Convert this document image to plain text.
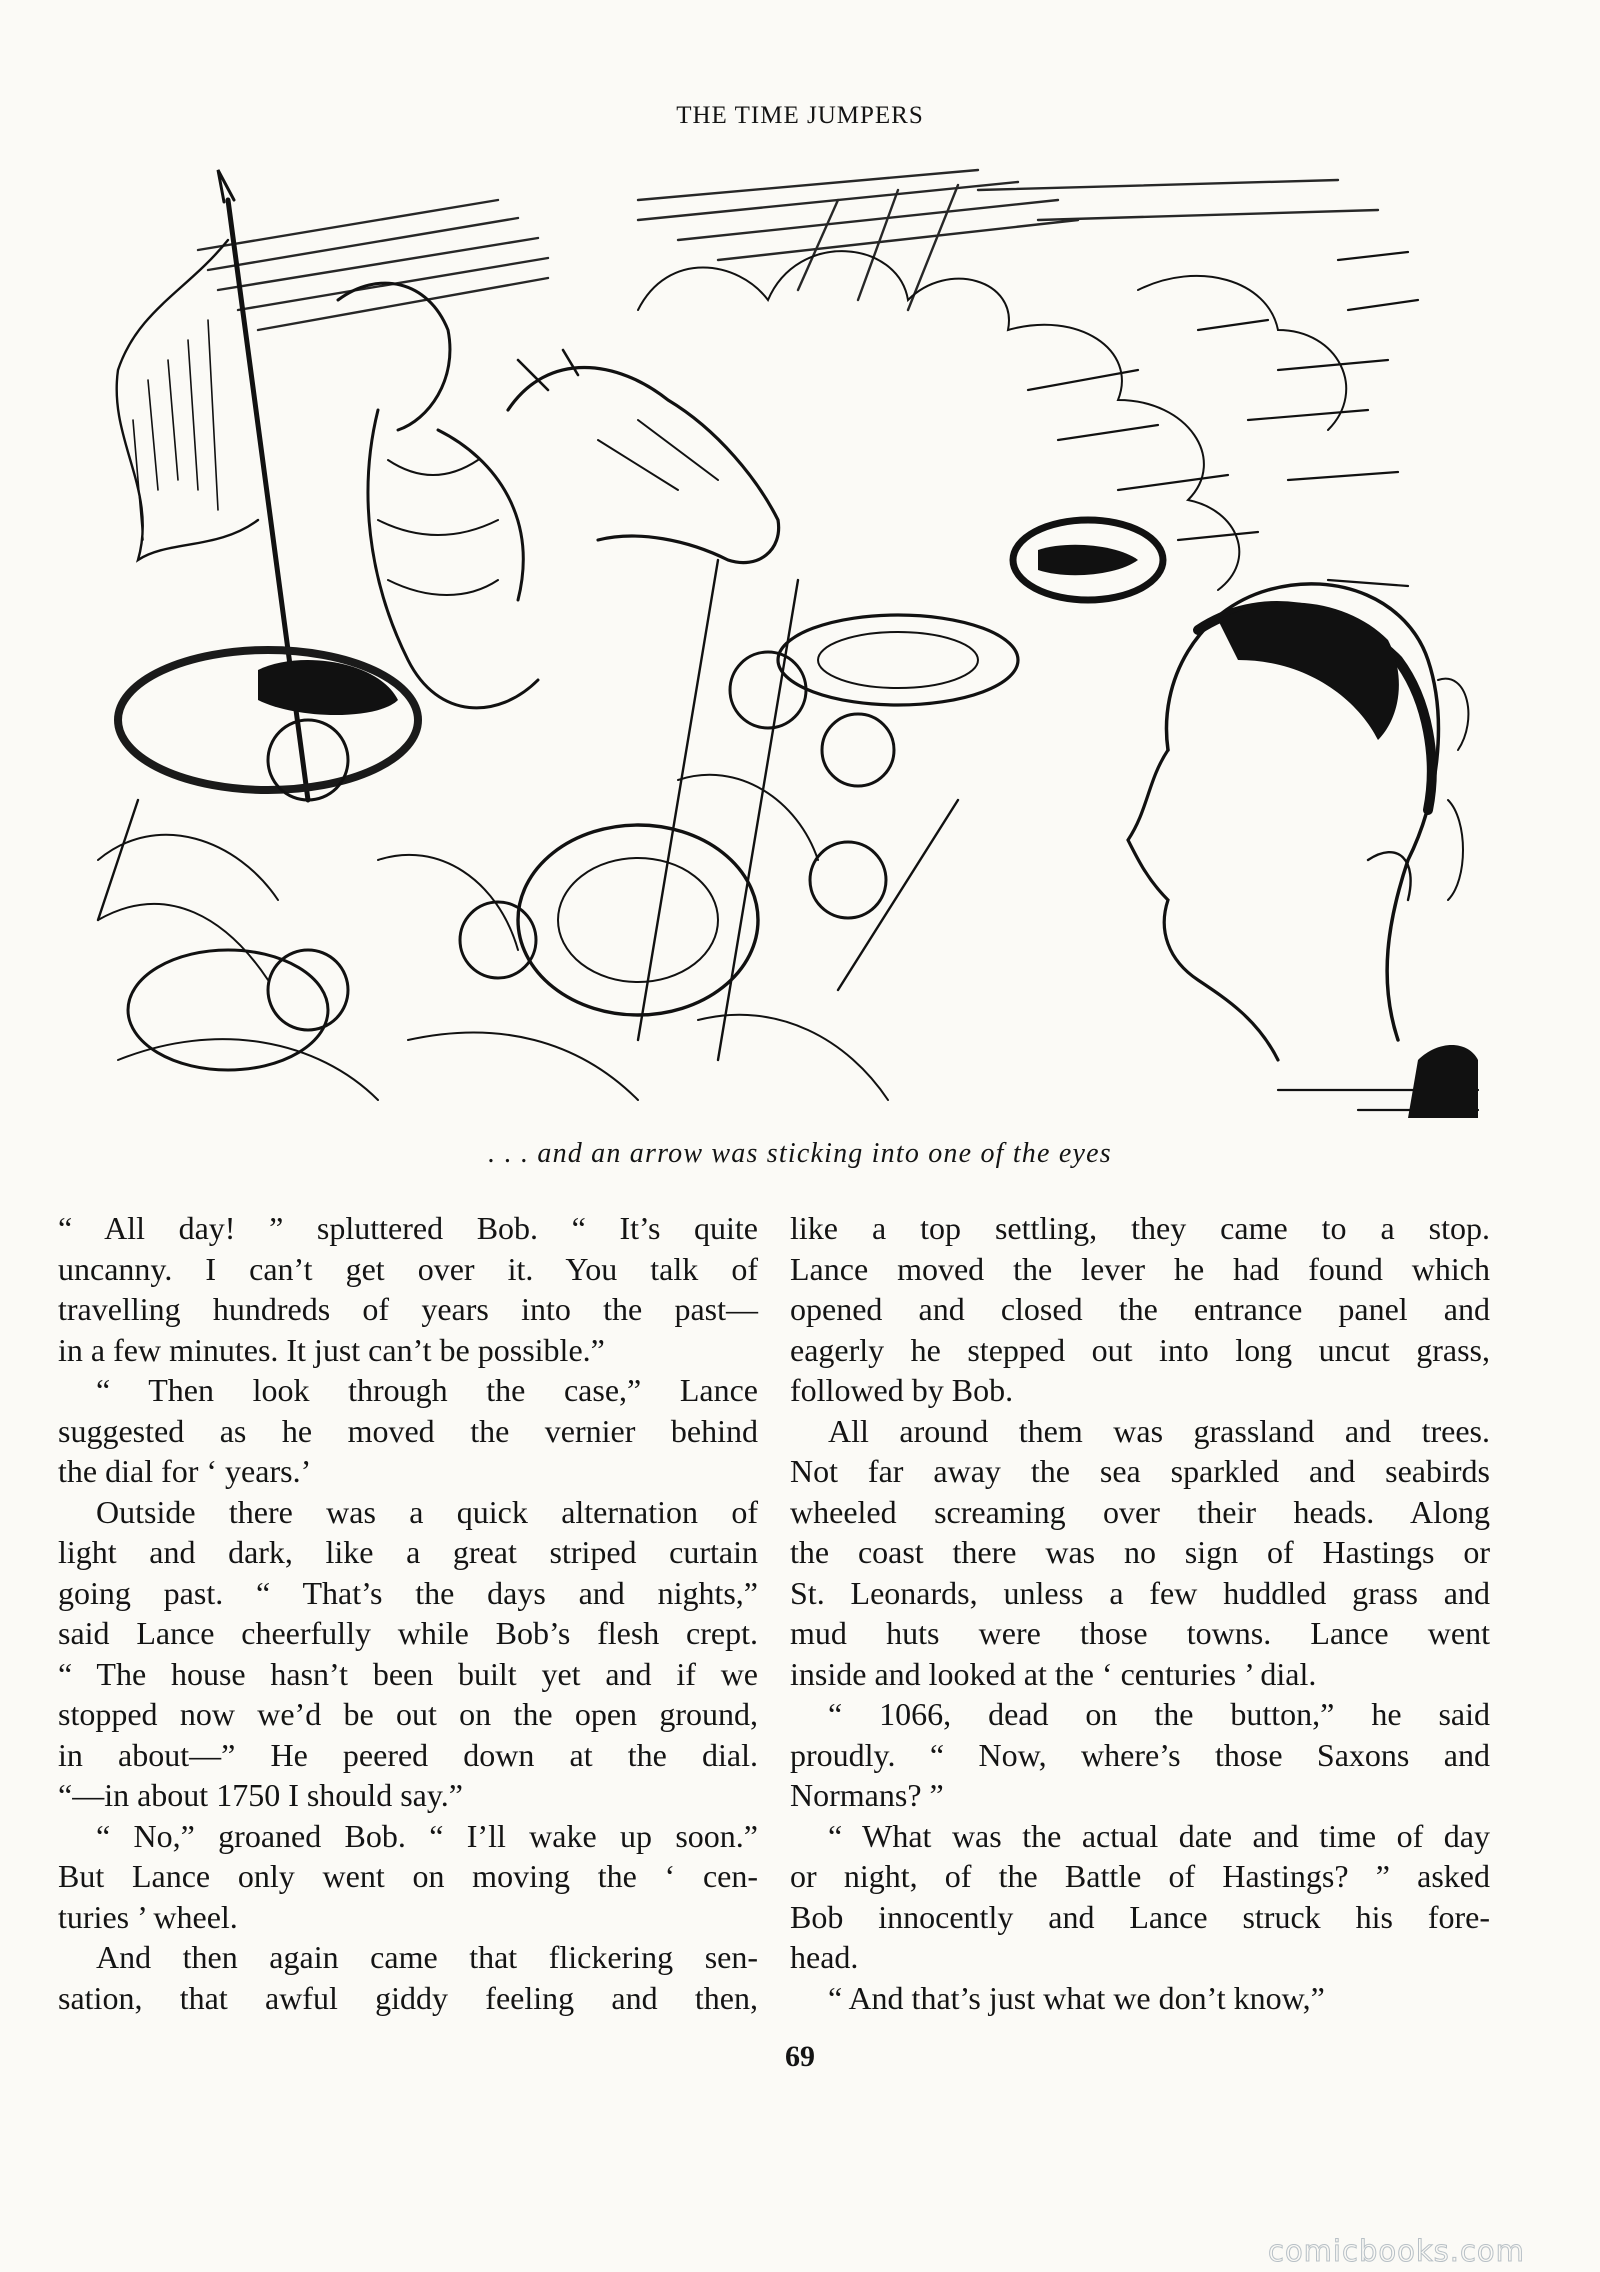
THE TIME JUMPERS
. . . and an arrow was sticking into one of the eyes
“ All day! ” spluttered Bob. “ It’s quite
uncanny. I can’t get over it. You talk of
travelling hundreds of years into the past—
in a few minutes. It just can’t be possible.”
“ Then look through the case,” Lance
suggested as he moved the vernier behind
the dial for ‘ years.’
Outside there was a quick alternation of
light and dark, like a great striped curtain
going past. “ That’s the days and nights,”
said Lance cheerfully while Bob’s flesh crept.
“ The house hasn’t been built yet and if we
stopped now we’d be out on the open ground,
in about—” He peered down at the dial.
“—in about 1750 I should say.”
“ No,” groaned Bob. “ I’ll wake up soon.”
But Lance only went on moving the ‘ cen-
turies ’ wheel.
And then again came that flickering sen-
sation, that awful giddy feeling and then,
like a top settling, they came to a stop.
Lance moved the lever he had found which
opened and closed the entrance panel and
eagerly he stepped out into long uncut grass,
followed by Bob.
All around them was grassland and trees.
Not far away the sea sparkled and seabirds
wheeled screaming over their heads. Along
the coast there was no sign of Hastings or
St. Leonards, unless a few huddled grass and
mud huts were those towns. Lance went
inside and looked at the ‘ centuries ’ dial.
“ 1066, dead on the button,” he said
proudly. “ Now, where’s those Saxons and
Normans? ”
“ What was the actual date and time of day
or night, of the Battle of Hastings? ” asked
Bob innocently and Lance struck his fore-
head.
“ And that’s just what we don’t know,”
69
comicbooks.com
